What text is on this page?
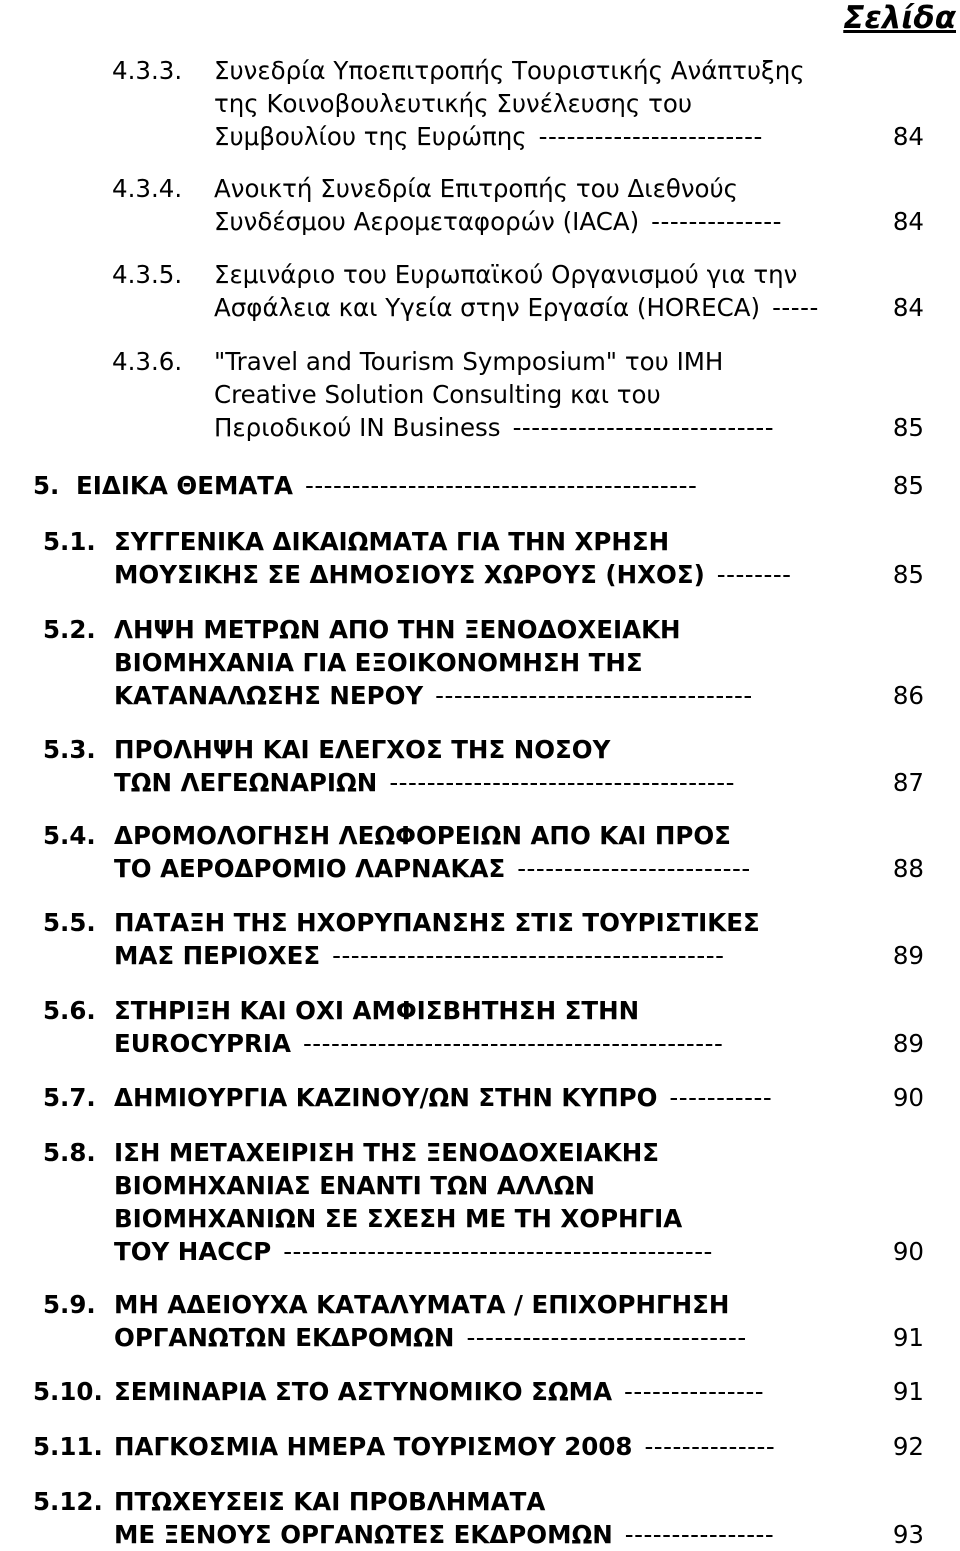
Σελίδα
4.3.3. Συνεδρία Υποεπιτροπής Τουριστικής Ανάπτυξης
της Κοινοβουλευτικής Συνέλευσης του
Συμβουλίου της Ευρώπης ------------------------	84
4.3.4. Ανοικτή Συνεδρία Επιτροπής του Διεθνούς
Συνδέσμου Αερομεταφορών (IACA) --------------	84
4.3.5. Σεμινάριο του Ευρωπαϊκού Οργανισμού για την
Ασφάλεια και Υγεία στην Εργασία (HORECA) -----	84
4.3.6. "Travel and Tourism Symposium" του IMH
Creative Solution Consulting και του
Περιοδικού IN Business ----------------------------	85
5. ΕΙΔΙΚΑ ΘΕΜΑΤΑ ------------------------------------------	85
5.1. ΣΥΓΓΕΝΙΚΑ ΔΙΚΑΙΩΜΑΤΑ ΓΙΑ ΤΗΝ ΧΡΗΣΗ
ΜΟΥΣΙΚΗΣ ΣΕ ΔΗΜΟΣΙΟΥΣ ΧΩΡΟΥΣ (ΗΧΟΣ) --------	85
5.2. ΛΗΨΗ ΜΕΤΡΩΝ ΑΠΟ ΤΗΝ ΞΕΝΟΔΟΧΕΙΑΚΗ
ΒΙΟΜΗΧΑΝΙΑ ΓΙΑ ΕΞΟΙΚΟΝΟΜΗΣΗ ΤΗΣ
ΚΑΤΑΝΑΛΩΣΗΣ ΝΕΡΟΥ ----------------------------------	86
5.3. ΠΡΟΛΗΨΗ ΚΑΙ ΕΛΕΓΧΟΣ ΤΗΣ ΝΟΣΟΥ
ΤΩΝ ΛΕΓΕΩΝΑΡΙΩΝ -------------------------------------	87
5.4. ΔΡΟΜΟΛΟΓΗΣΗ ΛΕΩΦΟΡΕΙΩΝ ΑΠΟ ΚΑΙ ΠΡΟΣ
ΤΟ ΑΕΡΟΔΡΟΜΙΟ ΛΑΡΝΑΚΑΣ -------------------------	88
5.5. ΠΑΤΑΞΗ ΤΗΣ ΗΧΟΡΥΠΑΝΣΗΣ ΣΤΙΣ ΤΟΥΡΙΣΤΙΚΕΣ
ΜΑΣ ΠΕΡΙΟΧΕΣ ------------------------------------------	89
5.6. ΣΤΗΡΙΞΗ ΚΑΙ ΟΧΙ ΑΜΦΙΣΒΗΤΗΣΗ ΣΤΗΝ
EUROCYPRIA ---------------------------------------------	89
5.7. ΔΗΜΙΟΥΡΓΙΑ ΚΑΖΙΝΟΥ/ΩΝ ΣΤΗΝ ΚΥΠΡΟ -----------	90
5.8. ΙΣΗ ΜΕΤΑΧΕΙΡΙΣΗ ΤΗΣ ΞΕΝΟΔΟΧΕΙΑΚΗΣ
ΒΙΟΜΗΧΑΝΙΑΣ ΕΝΑΝΤΙ ΤΩΝ ΑΛΛΩΝ
ΒΙΟΜΗΧΑΝΙΩΝ ΣΕ ΣΧΕΣΗ ΜΕ ΤΗ ΧΟΡΗΓΙΑ
ΤΟΥ HACCP ----------------------------------------------	90
5.9. ΜΗ ΑΔΕΙΟΥΧΑ ΚΑΤΑΛΥΜΑΤΑ / ΕΠΙΧΟΡΗΓΗΣΗ
ΟΡΓΑΝΩΤΩΝ ΕΚΔΡΟΜΩΝ ------------------------------	91
5.10. ΣΕΜΙΝΑΡΙΑ ΣΤΟ ΑΣΤΥΝΟΜΙΚΟ ΣΩΜΑ ---------------	91
5.11. ΠΑΓΚΟΣΜΙΑ ΗΜΕΡΑ ΤΟΥΡΙΣΜΟΥ 2008 --------------	92
5.12. ΠΤΩΧΕΥΣΕΙΣ ΚΑΙ ΠΡΟΒΛΗΜΑΤΑ
ΜΕ ΞΕΝΟΥΣ ΟΡΓΑΝΩΤΕΣ ΕΚΔΡΟΜΩΝ ----------------	93
